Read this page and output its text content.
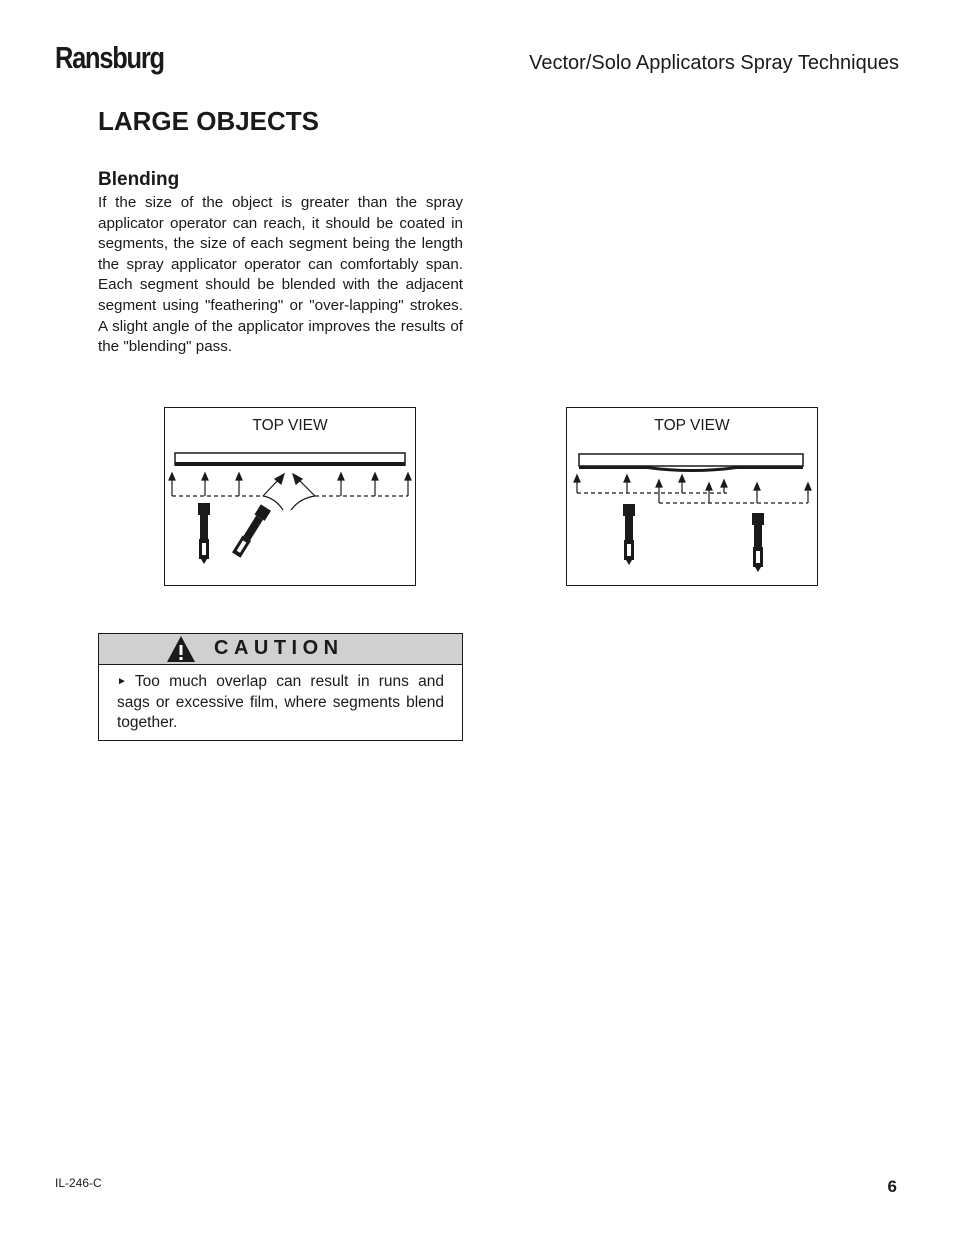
Ransburg	Vector/Solo Applicators Spray Techniques
LARGE OBJECTS
Blending

If the size of the object is greater than the spray applicator operator can reach, it should be coated in segments, the size of each segment being the length the spray applicator operator can comfortably span. Each segment should be blended with the adjacent segment using "feathering" or "over-lapping" strokes. A slight angle of the applicator improves the results of the "blending" pass.

TOP VIEW	TOP VIEW
CAUTION
► Too much overlap can result in runs and sags or excessive film, where segments blend together.
IL-246-C	6
